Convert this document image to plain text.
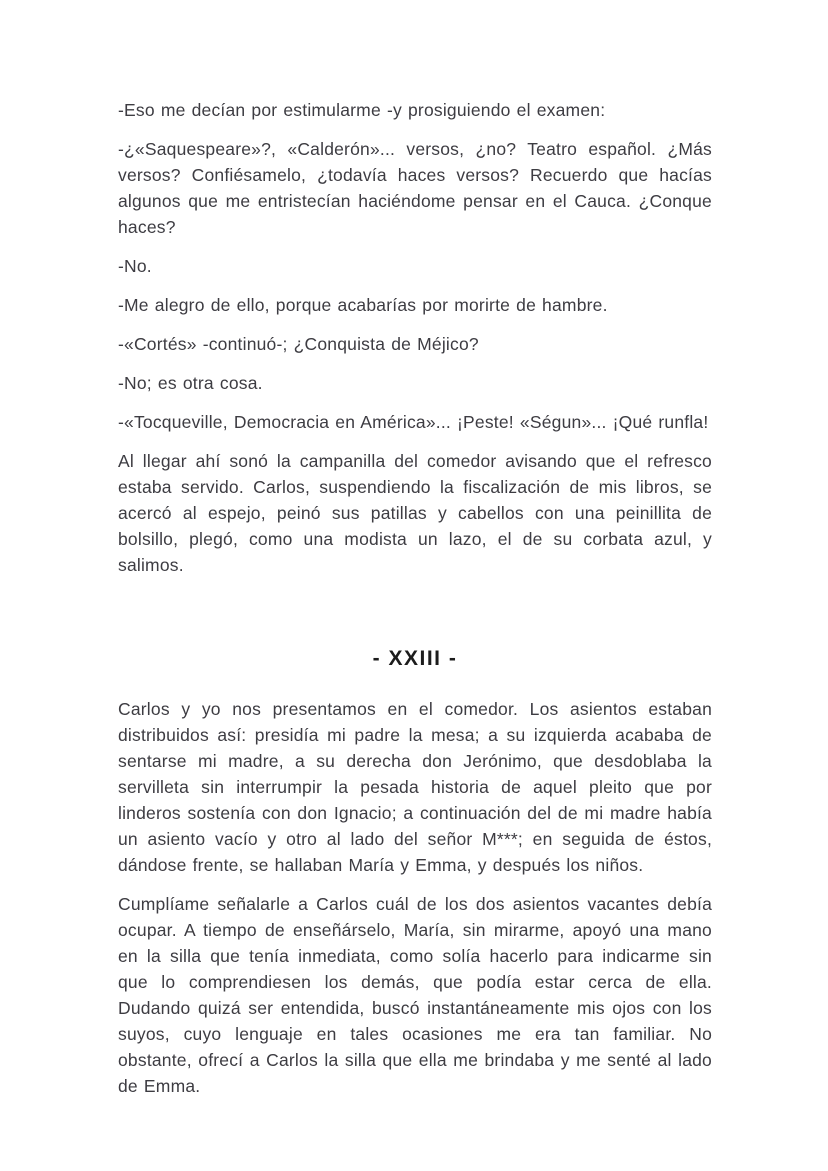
-Eso me decían por estimularme -y prosiguiendo el examen:

-¿«Saquespeare»?, «Calderón»... versos, ¿no? Teatro español. ¿Más versos? Confiésamelo, ¿todavía haces versos? Recuerdo que hacías algunos que me entristecían haciéndome pensar en el Cauca. ¿Conque haces?

-No.

-Me alegro de ello, porque acabarías por morirte de hambre.

-«Cortés» -continuó-; ¿Conquista de Méjico?

-No; es otra cosa.

-«Tocqueville, Democracia en América»... ¡Peste! «Ségun»... ¡Qué runfla!

Al llegar ahí sonó la campanilla del comedor avisando que el refresco estaba servido. Carlos, suspendiendo la fiscalización de mis libros, se acercó al espejo, peinó sus patillas y cabellos con una peinillita de bolsillo, plegó, como una modista un lazo, el de su corbata azul, y salimos.

- XXIII -

Carlos y yo nos presentamos en el comedor. Los asientos estaban distribuidos así: presidía mi padre la mesa; a su izquierda acababa de sentarse mi madre, a su derecha don Jerónimo, que desdoblaba la servilleta sin interrumpir la pesada historia de aquel pleito que por linderos sostenía con don Ignacio; a continuación del de mi madre había un asiento vacío y otro al lado del señor M***; en seguida de éstos, dándose frente, se hallaban María y Emma, y después los niños.

Cumplíame señalarle a Carlos cuál de los dos asientos vacantes debía ocupar. A tiempo de enseñárselo, María, sin mirarme, apoyó una mano en la silla que tenía inmediata, como solía hacerlo para indicarme sin que lo comprendiesen los demás, que podía estar cerca de ella. Dudando quizá ser entendida, buscó instantáneamente mis ojos con los suyos, cuyo lenguaje en tales ocasiones me era tan familiar. No obstante, ofrecí a Carlos la silla que ella me brindaba y me senté al lado de Emma.
